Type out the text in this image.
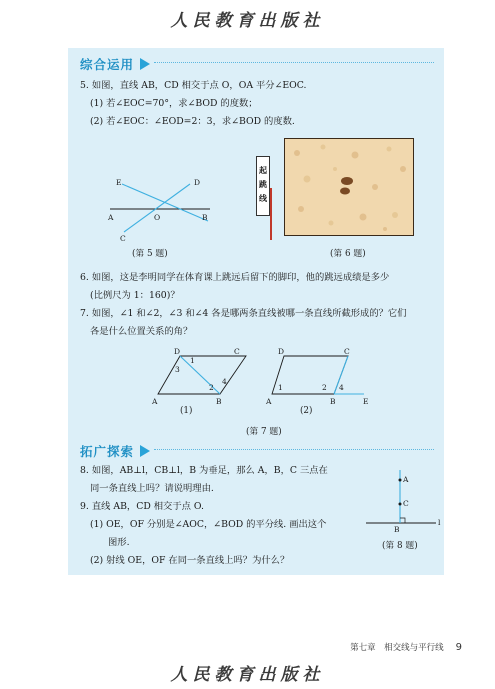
人民教育出版社
综合运用
5. 如图，直线 AB，CD 相交于点 O，OA 平分∠EOC.
(1) 若∠EOC=70°，求∠BOD 的度数；
(2) 若∠EOC：∠EOD=2：3，求∠BOD 的度数.
E	D
A	O	B
C
(第 5 题)
起
跳
线
(第 6 题)
6. 如图，这是李明同学在体育课上跳远后留下的脚印，他的跳远成绩是多少
(比例尺为 1：160)？
7. 如图，∠1 和∠2，∠3 和∠4 各是哪两条直线被哪一条直线所截形成的？它们
各是什么位置关系的角？
D	C
A	B
1
2
3
4
(1)
D	C
A	B	E
1	2 4
(2)
(第 7 题)
拓广探索
8. 如图，AB⊥l，CB⊥l，B 为垂足，那么 A，B，C 三点在
同一条直线上吗？请说明理由.
9. 直线 AB，CD 相交于点 O.
(1) OE，OF 分别是∠AOC，∠BOD 的平分线. 画出这个
图形.
(2) 射线 OE，OF 在同一条直线上吗？为什么？
A
C
B
l
(第 8 题)
第七章　相交线与平行线 9
人民教育出版社
